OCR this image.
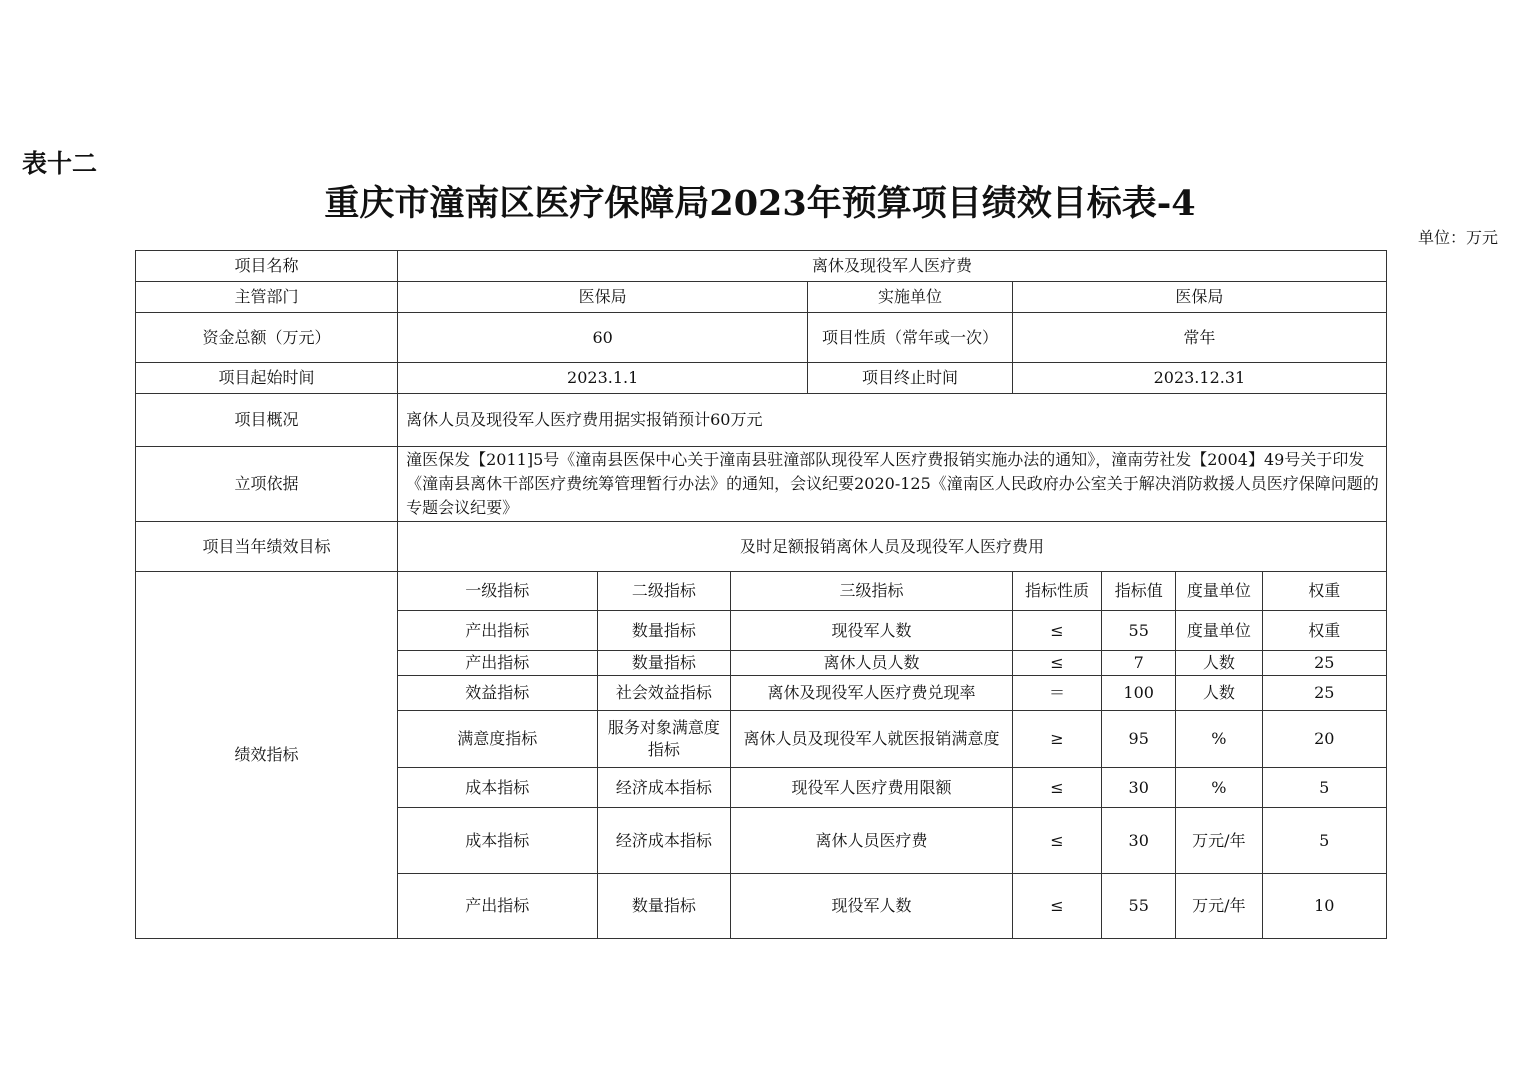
表十二
重庆市潼南区医疗保障局2023年预算项目绩效目标表-4
单位：万元
项目名称	离休及现役军人医疗费							
主管部门	医保局			实施单位	医保局			
资金总额（万元）	60			项目性质（常年或一次）	常年			
项目起始时间	2023.1.1			项目终止时间	2023.12.31			
项目概况	离休人员及现役军人医疗费用据实报销预计60万元							
立项依据	潼医保发【2011]5号《潼南县医保中心关于潼南县驻潼部队现役军人医疗费报销实施办法的通知》，潼南劳社发【2004】49号关于印发《潼南县离休干部医疗费统筹管理暂行办法》的通知，会议纪要2020-125《潼南区人民政府办公室关于解决消防救援人员医疗保障问题的专题会议纪要》							
项目当年绩效目标	及时足额报销离休人员及现役军人医疗费用							
绩效指标	一级指标	二级指标	三级指标		指标性质	指标值	度量单位	权重
	产出指标	数量指标	现役军人数		≤	55	度量单位	权重
	产出指标	数量指标	离休人员人数		≤	7	人数	25
	效益指标	社会效益指标	离休及现役军人医疗费兑现率		＝	100	人数	25
	满意度指标	服务对象满意度指标	离休人员及现役军人就医报销满意度		≥	95	%	20
	成本指标	经济成本指标	现役军人医疗费用限额		≤	30	%	5
	成本指标	经济成本指标	离休人员医疗费		≤	30	万元/年	5
	产出指标	数量指标	现役军人数		≤	55	万元/年	10
